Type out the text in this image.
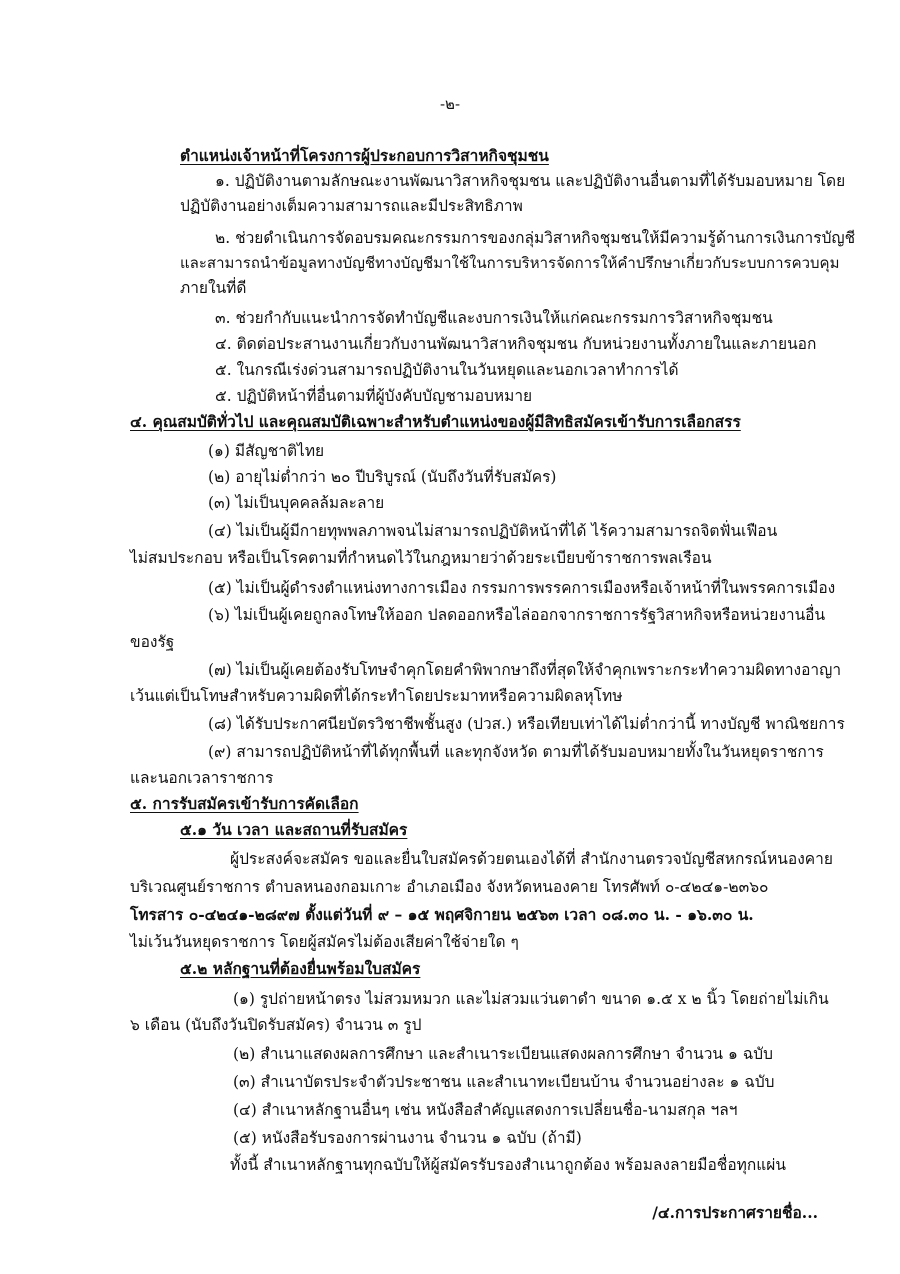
-๒-
ตำแหน่งเจ้าหน้าที่โครงการผู้ประกอบการวิสาหกิจชุมชน
๑. ปฏิบัติงานตามลักษณะงานพัฒนาวิสาหกิจชุมชน และปฏิบัติงานอื่นตามที่ได้รับมอบหมาย โดย
ปฏิบัติงานอย่างเต็มความสามารถและมีประสิทธิภาพ
๒. ช่วยดำเนินการจัดอบรมคณะกรรมการของกลุ่มวิสาหกิจชุมชนให้มีความรู้ด้านการเงินการบัญชี
และสามารถนำข้อมูลทางบัญชีทางบัญชีมาใช้ในการบริหารจัดการให้คำปรึกษาเกี่ยวกับระบบการควบคุม
ภายในที่ดี
๓. ช่วยกำกับแนะนำการจัดทำบัญชีและงบการเงินให้แก่คณะกรรมการวิสาหกิจชุมชน
๔. ติดต่อประสานงานเกี่ยวกับงานพัฒนาวิสาหกิจชุมชน กับหน่วยงานทั้งภายในและภายนอก
๕. ในกรณีเร่งด่วนสามารถปฏิบัติงานในวันหยุดและนอกเวลาทำการได้
๕. ปฏิบัติหน้าที่อื่นตามที่ผู้บังคับบัญชามอบหมาย
๔. คุณสมบัติทั่วไป และคุณสมบัติเฉพาะสำหรับตำแหน่งของผู้มีสิทธิสมัครเข้ารับการเลือกสรร
(๑) มีสัญชาติไทย
(๒) อายุไม่ต่ำกว่า ๒๐ ปีบริบูรณ์ (นับถึงวันที่รับสมัคร)
(๓) ไม่เป็นบุคคลล้มละลาย
(๔) ไม่เป็นผู้มีกายทุพพลภาพจนไม่สามารถปฏิบัติหน้าที่ได้ ไร้ความสามารถจิตฟั่นเฟือน
ไม่สมประกอบ หรือเป็นโรคตามที่กำหนดไว้ในกฎหมายว่าด้วยระเบียบข้าราชการพลเรือน
(๕) ไม่เป็นผู้ดำรงตำแหน่งทางการเมือง กรรมการพรรคการเมืองหรือเจ้าหน้าที่ในพรรคการเมือง
(๖) ไม่เป็นผู้เคยถูกลงโทษให้ออก ปลดออกหรือไล่ออกจากราชการรัฐวิสาหกิจหรือหน่วยงานอื่น
ของรัฐ
(๗) ไม่เป็นผู้เคยต้องรับโทษจำคุกโดยคำพิพากษาถึงที่สุดให้จำคุกเพราะกระทำความผิดทางอาญา
เว้นแต่เป็นโทษสำหรับความผิดที่ได้กระทำโดยประมาทหรือความผิดลหุโทษ
(๘) ได้รับประกาศนียบัตรวิชาชีพชั้นสูง (ปวส.) หรือเทียบเท่าได้ไม่ต่ำกว่านี้ ทางบัญชี พาณิชยการ
(๙) สามารถปฏิบัติหน้าที่ได้ทุกพื้นที่ และทุกจังหวัด ตามที่ได้รับมอบหมายทั้งในวันหยุดราชการ
และนอกเวลาราชการ
๕. การรับสมัครเข้ารับการคัดเลือก
๕.๑ วัน เวลา และสถานที่รับสมัคร
ผู้ประสงค์จะสมัคร ขอและยื่นใบสมัครด้วยตนเองได้ที่ สำนักงานตรวจบัญชีสหกรณ์หนองคาย
บริเวณศูนย์ราชการ ตำบลหนองกอมเกาะ อำเภอเมือง จังหวัดหนองคาย โทรศัพท์ ๐-๔๒๔๑-๒๓๖๐
โทรสาร ๐-๔๒๔๑-๒๘๙๗ ตั้งแต่วันที่ ๙ – ๑๕ พฤศจิกายน ๒๕๖๓ เวลา ๐๘.๓๐ น. - ๑๖.๓๐ น.
ไม่เว้นวันหยุดราชการ โดยผู้สมัครไม่ต้องเสียค่าใช้จ่ายใด ๆ
๕.๒ หลักฐานที่ต้องยื่นพร้อมใบสมัคร
(๑) รูปถ่ายหน้าตรง ไม่สวมหมวก และไม่สวมแว่นตาดำ ขนาด ๑.๕ x ๒ นิ้ว โดยถ่ายไม่เกิน
๖ เดือน (นับถึงวันปิดรับสมัคร) จำนวน ๓ รูป
(๒) สำเนาแสดงผลการศึกษา และสำเนาระเบียนแสดงผลการศึกษา จำนวน ๑ ฉบับ
(๓) สำเนาบัตรประจำตัวประชาชน และสำเนาทะเบียนบ้าน จำนวนอย่างละ ๑ ฉบับ
(๔) สำเนาหลักฐานอื่นๆ เช่น หนังสือสำคัญแสดงการเปลี่ยนชื่อ-นามสกุล ฯลฯ
(๕) หนังสือรับรองการผ่านงาน จำนวน ๑ ฉบับ (ถ้ามี)
ทั้งนี้ สำเนาหลักฐานทุกฉบับให้ผู้สมัครรับรองสำเนาถูกต้อง พร้อมลงลายมือชื่อทุกแผ่น
/๔.การประกาศรายชื่อ...
